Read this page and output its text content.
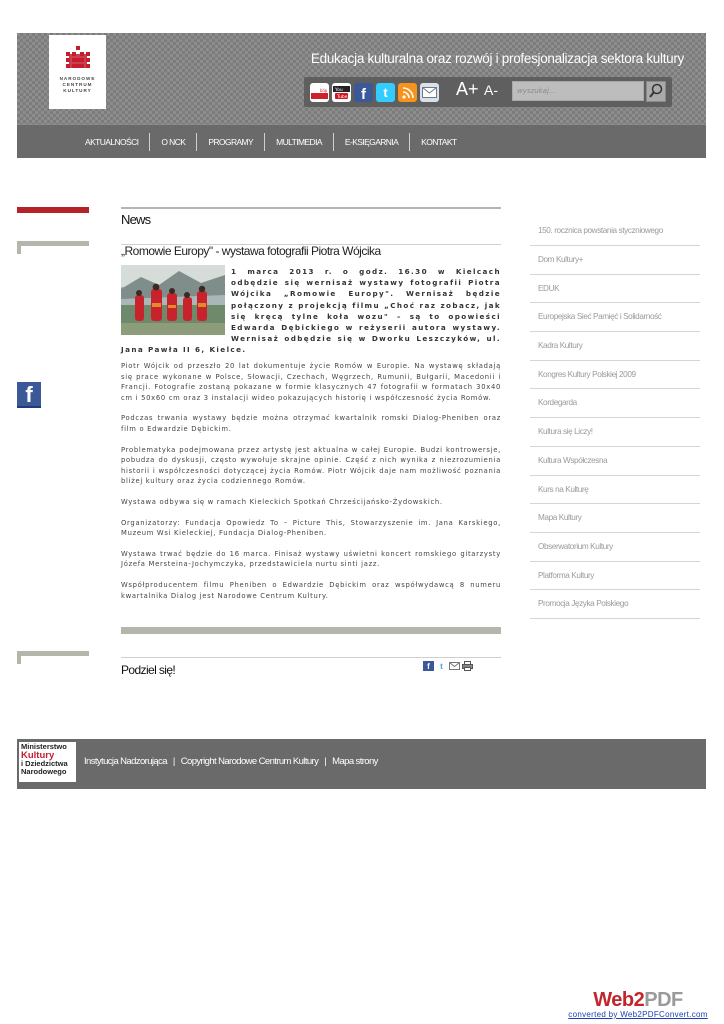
NARODOWE
CENTRUM
KULTURY
Edukacja kulturalna oraz rozwój i profesjonalizacja sektora kultury
blip You
Tube f t	A+ A-	wyszukaj...
AKTUALNOŚCI	O NCK	PROGRAMY	MULTIMEDIA	E-KSIĘGARNIA	KONTAKT
f
News
„Romowie Europy" - wystawa fotografii Piotra Wójcika
1 marca 2013 r. o godz. 16.30 w Kielcach odbędzie się wernisaż wystawy fotografii Piotra Wójcika „Romowie Europy". Wernisaż będzie połączony z projekcją filmu „Choć raz zobacz, jak się kręcą tylne koła wozu" – są to opowieści Edwarda Dębickiego w reżyserii autora wystawy. Wernisaż odbędzie się w Dworku Leszczyków, ul. Jana Pawła II 6, Kielce.

Piotr Wójcik od przeszło 20 lat dokumentuje życie Romów w Europie. Na wystawę składają się prace wykonane w Polsce, Słowacji, Czechach, Węgrzech, Rumunii, Bułgarii, Macedonii i Francji. Fotografie zostaną pokazane w formie klasycznych 47 fotografii w formatach 30x40 cm i 50x60 cm oraz 3 instalacji wideo pokazujących historię i współczesność życia Romów.

Podczas trwania wystawy będzie można otrzymać kwartalnik romski Dialog-Pheniben oraz film o Edwardzie Dębickim.

Problematyka podejmowana przez artystę jest aktualna w całej Europie. Budzi kontrowersje, pobudza do dyskusji, często wywołuje skrajne opinie. Część z nich wynika z niezrozumienia historii i współczesności dotyczącej życia Romów. Piotr Wójcik daje nam możliwość poznania bliżej kultury oraz życia codziennego Romów.

Wystawa odbywa się w ramach Kieleckich Spotkań Chrześcijańsko-Żydowskich.

Organizatorzy: Fundacja Opowiedz To – Picture This, Stowarzyszenie im. Jana Karskiego, Muzeum Wsi Kieleckiej, Fundacja Dialog-Pheniben.

Wystawa trwać będzie do 16 marca. Finisaż wystawy uświetni koncert romskiego gitarzysty Józefa Mersteina-Jochymczyka, przedstawiciela nurtu sinti jazz.

Współproducentem filmu Pheniben o Edwardzie Dębickim oraz współwydawcą 8 numeru kwartalnika Dialog jest Narodowe Centrum Kultury.

Podziel się!	f	t
150. rocznica powstania styczniowego
Dom Kultury+
EDUK
Europejska Sieć Pamięć i Solidarność
Kadra Kultury
Kongres Kultury Polskiej 2009
Kordegarda
Kultura się Liczy!
Kultura Współczesna
Kurs na Kulturę
Mapa Kultury
Obserwatorium Kultury
Platforma Kultury
Promocja Języka Polskiego
Ministerstwo
Kultury
i Dziedzictwa
Narodowego
Instytucja Nadzorująca | Copyright Narodowe Centrum Kultury | Mapa strony
Web2PDF
converted by Web2PDFConvert.com
